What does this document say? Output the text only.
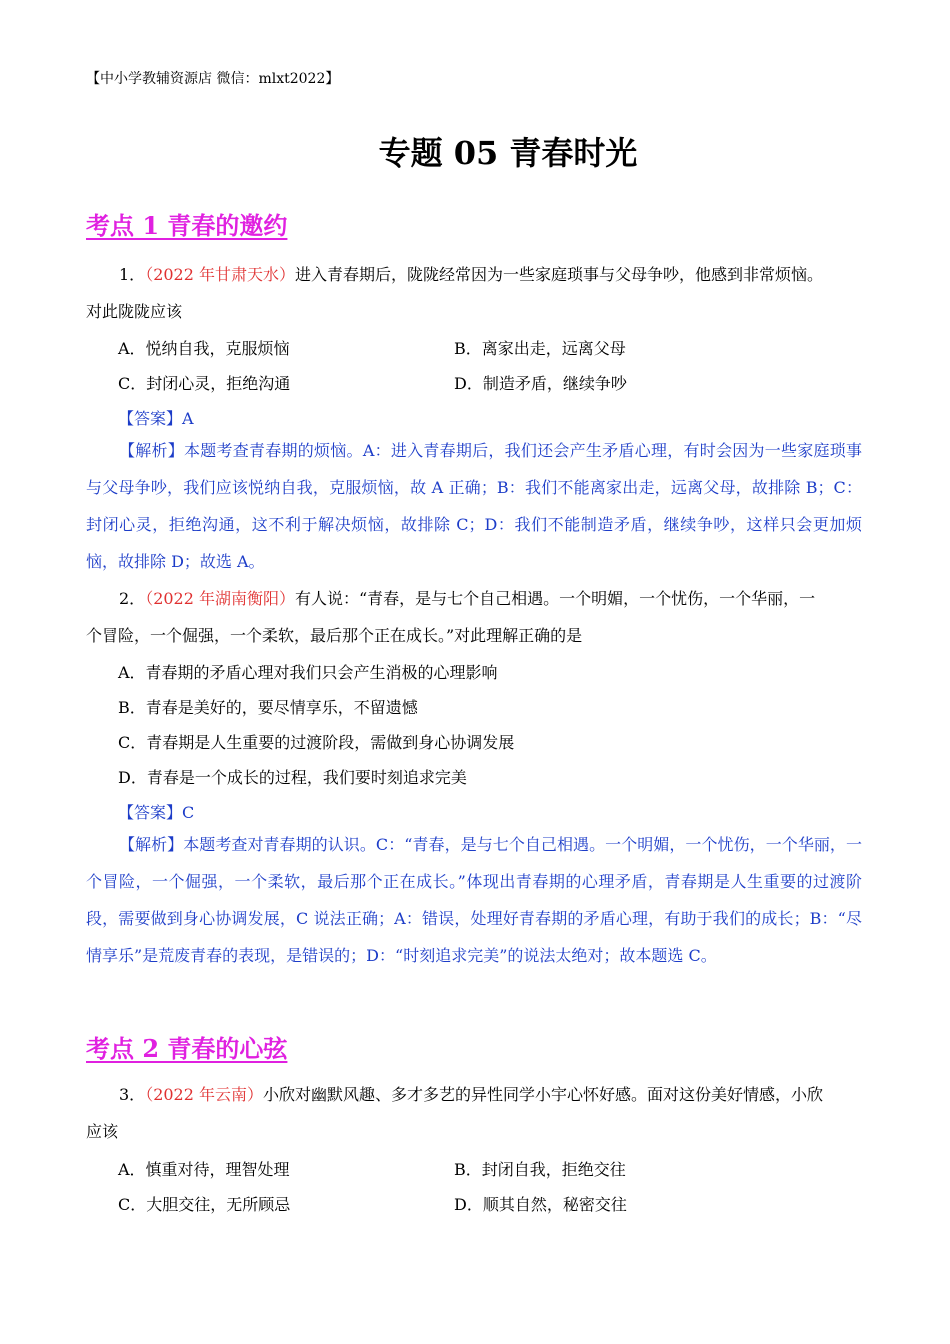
【中小学教辅资源店 微信：mlxt2022】
专题 05 青春时光
考点 1 青春的邀约
1．（2022 年甘肃天水）进入青春期后，陇陇经常因为一些家庭琐事与父母争吵，他感到非常烦恼。
对此陇陇应该
A．悦纳自我，克服烦恼	B．离家出走，远离父母
C．封闭心灵，拒绝沟通	D．制造矛盾，继续争吵
【答案】A
【解析】本题考查青春期的烦恼。A：进入青春期后，我们还会产生矛盾心理，有时会因为一些家庭琐事与父母争吵，我们应该悦纳自我，克服烦恼，故 A 正确；B：我们不能离家出走，远离父母，故排除 B；C：封闭心灵，拒绝沟通，这不利于解决烦恼，故排除 C；D：我们不能制造矛盾，继续争吵，这样只会更加烦恼，故排除 D；故选 A。
2．（2022 年湖南衡阳）有人说：“青春，是与七个自己相遇。一个明媚，一个忧伤，一个华丽，一
个冒险，一个倔强，一个柔软，最后那个正在成长。”对此理解正确的是
A．青春期的矛盾心理对我们只会产生消极的心理影响
B．青春是美好的，要尽情享乐，不留遗憾
C．青春期是人生重要的过渡阶段，需做到身心协调发展
D．青春是一个成长的过程，我们要时刻追求完美
【答案】C
【解析】本题考查对青春期的认识。C：“青春，是与七个自己相遇。一个明媚，一个忧伤，一个华丽，一个冒险，一个倔强，一个柔软，最后那个正在成长。”体现出青春期的心理矛盾，青春期是人生重要的过渡阶段，需要做到身心协调发展，C 说法正确；A：错误，处理好青春期的矛盾心理，有助于我们的成长；B：“尽情享乐”是荒废青春的表现，是错误的；D：“时刻追求完美”的说法太绝对；故本题选 C。
考点 2 青春的心弦
3．（2022 年云南）小欣对幽默风趣、多才多艺的异性同学小宇心怀好感。面对这份美好情感，小欣
应该
A．慎重对待，理智处理	B．封闭自我，拒绝交往
C．大胆交往，无所顾忌	D．顺其自然，秘密交往
